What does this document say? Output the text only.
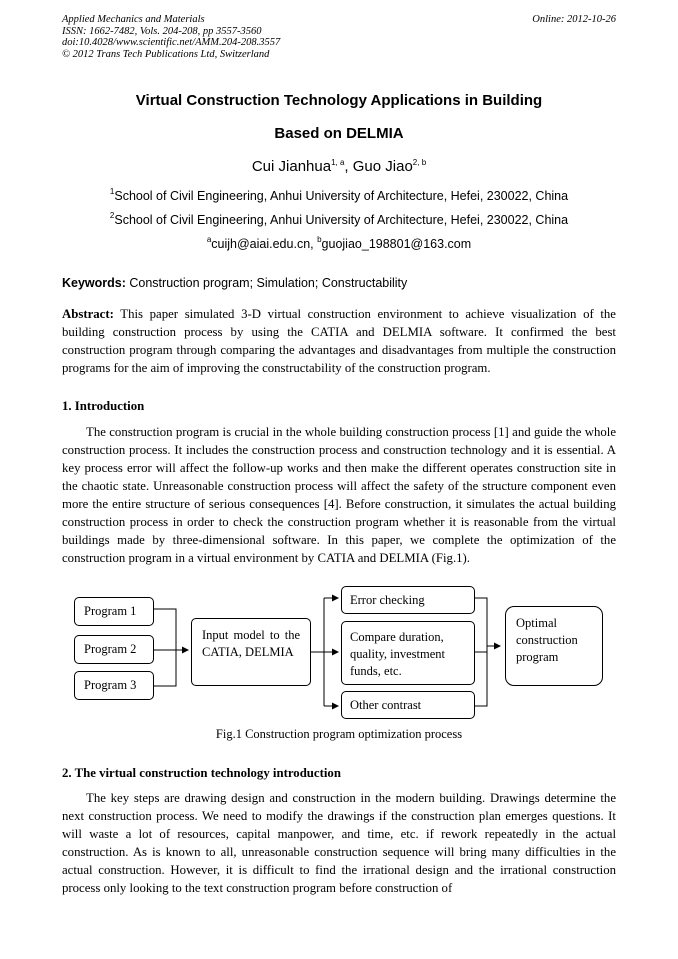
Applied Mechanics and Materials
ISSN: 1662-7482, Vols. 204-208, pp 3557-3560
doi:10.4028/www.scientific.net/AMM.204-208.3557
© 2012 Trans Tech Publications Ltd, Switzerland
Online: 2012-10-26
Virtual Construction Technology Applications in Building
Based on DELMIA
Cui Jianhua$^{1, a}$, Guo Jiao$^{2, b}$
$^1$School of Civil Engineering, Anhui University of Architecture, Hefei, 230022, China
$^2$School of Civil Engineering, Anhui University of Architecture, Hefei, 230022, China
$^a$cuijh@aiai.edu.cn, $^b$guojiao_198801@163.com
Keywords: Construction program; Simulation; Constructability
Abstract: This paper simulated 3-D virtual construction environment to achieve visualization of the building construction process by using the CATIA and DELMIA software. It confirmed the best construction program through comparing the advantages and disadvantages from multiple the construction programs for the aim of improving the constructability of the construction program.
1. Introduction
The construction program is crucial in the whole building construction process [1] and guide the whole construction process. It includes the construction process and construction technology and it is essential. A key process error will affect the follow-up works and then make the different operates construction site in the chaotic state. Unreasonable construction process will affect the safety of the structure component even more the entire structure of serious consequences [4]. Before construction, it simulates the actual building construction process in order to check the construction program whether it is reasonable from the virtual buildings made by three-dimensional software. In this paper, we complete the optimization of the construction program in a virtual environment by CATIA and DELMIA (Fig.1).
Program 1
Program 2
Program 3
Input model to the CATIA, DELMIA
Error checking
Compare duration, quality, investment funds, etc.
Other contrast
Optimal construction program
Fig.1 Construction program optimization process
2. The virtual construction technology introduction
The key steps are drawing design and construction in the modern building. Drawings determine the next construction process. We need to modify the drawings if the construction plan emerges questions. It will waste a lot of resources, capital manpower, and time, etc. if rework repeatedly in the actual construction. As is known to all, unreasonable construction sequence will bring many difficulties in the actual construction. However, it is difficult to find the irrational design and the irrational construction process only looking to the text construction program before construction of
